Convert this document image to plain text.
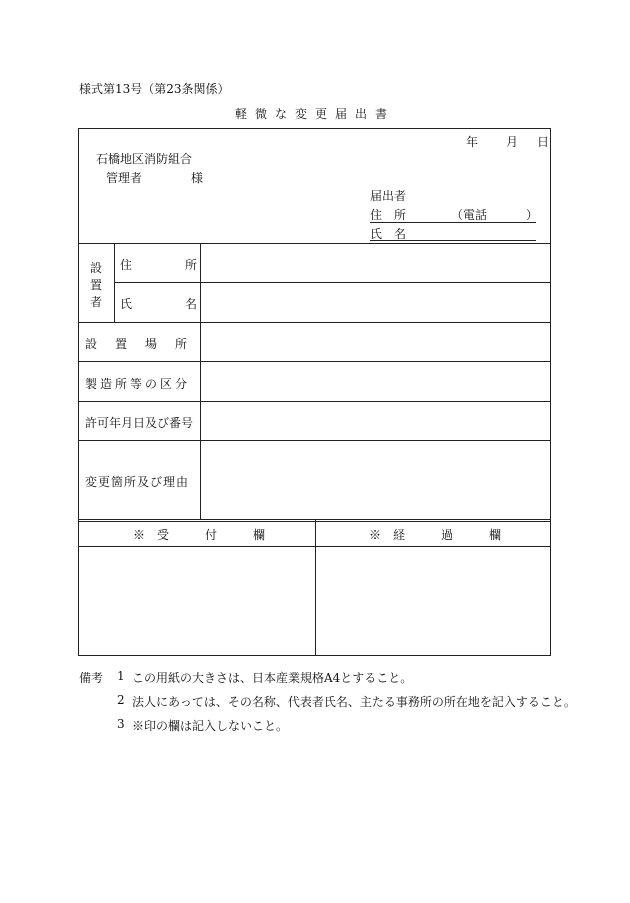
様式第13号（第23条関係）
軽微な変更届出書
年 月 日
石橋地区消防組合
管理者	様
届出者
住　所	（電話	）
氏　名
設
置
者
住	所
氏	名
設　置　場　所
製造所等の区分
許可年月日及び番号
変更箇所及び理由
※　受　　　付　　　欄	※　経　　　過　　　欄
備考 1 この用紙の大きさは、日本産業規格A4とすること。
2 法人にあっては、その名称、代表者氏名、主たる事務所の所在地を記入すること。
3 ※印の欄は記入しないこと。
